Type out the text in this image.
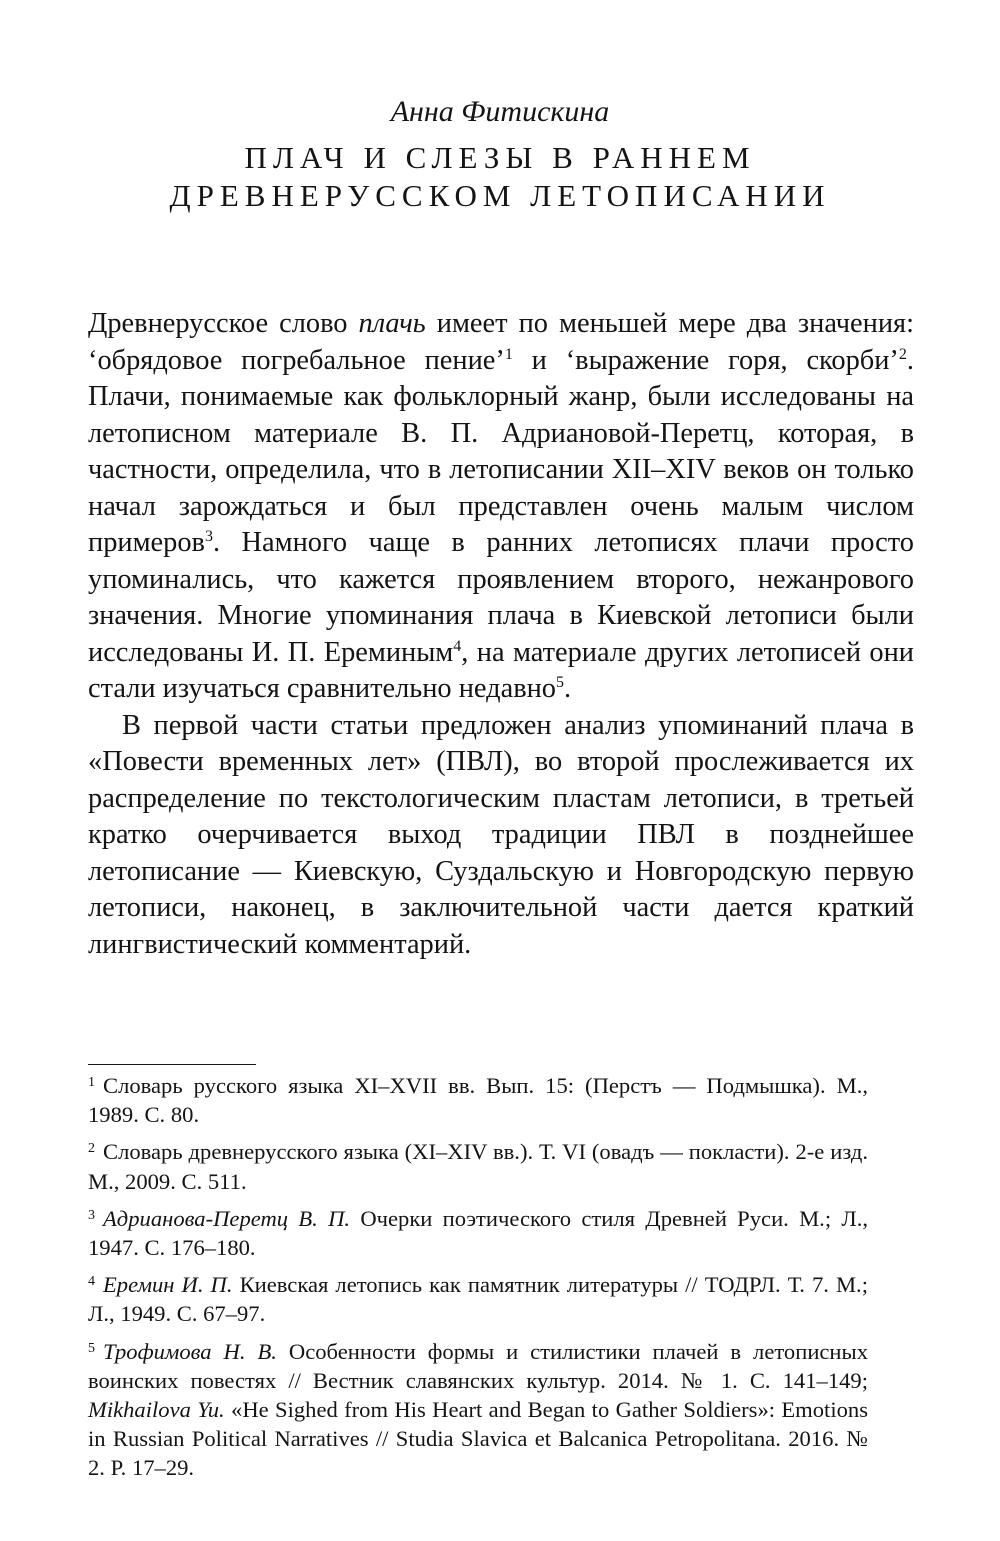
Анна Фитискина
ПЛАЧ И СЛЕЗЫ В РАННЕМ
ДРЕВНЕРУССКОМ ЛЕТОПИСАНИИ

Древнерусское слово плачь имеет по меньшей мере два значения: ‘обрядовое погребальное пение’$^1$ и ‘выражение горя, скорби’$^2$. Плачи, понимаемые как фольклорный жанр, были исследованы на летописном материале В. П. Адриановой-Перетц, которая, в частности, определила, что в летописании XII–XIV веков он только начал зарождаться и был представлен очень малым числом примеров$^3$. Намного чаще в ранних летописях плачи просто упоминались, что кажется проявлением второго, нежанрового значения. Многие упоминания плача в Киевской летописи были исследованы И. П. Ереминым$^4$, на материале других летописей они стали изучаться сравнительно недавно$^5$.

В первой части статьи предложен анализ упоминаний плача в «Повести временных лет» (ПВЛ), во второй прослеживается их распределение по текстологическим пластам летописи, в третьей кратко очерчивается выход традиции ПВЛ в позднейшее летописание — Киевскую, Суздальскую и Новгородскую первую летописи, наконец, в заключительной части дается краткий лингвистический комментарий.

$^1$ Словарь русского языка XI–XVII вв. Вып. 15: (Перстъ — Подмышка). М., 1989. С. 80.

$^2$ Словарь древнерусского языка (XI–XIV вв.). Т. VI (овадъ — покласти). 2-е изд. М., 2009. С. 511.

$^3$ Адрианова-Перетц В. П. Очерки поэтического стиля Древней Руси. М.; Л., 1947. С. 176–180.

$^4$ Еремин И. П. Киевская летопись как памятник литературы // ТОДРЛ. Т. 7. М.; Л., 1949. С. 67–97.

$^5$ Трофимова Н. В. Особенности формы и стилистики плачей в летописных воинских повестях // Вестник славянских культур. 2014. № 1. С. 141–149; Mikhailova Yu. «He Sighed from His Heart and Began to Gather Soldiers»: Emotions in Russian Political Narratives // Studia Slavica et Balcanica Petropolitana. 2016. № 2. P. 17–29.
